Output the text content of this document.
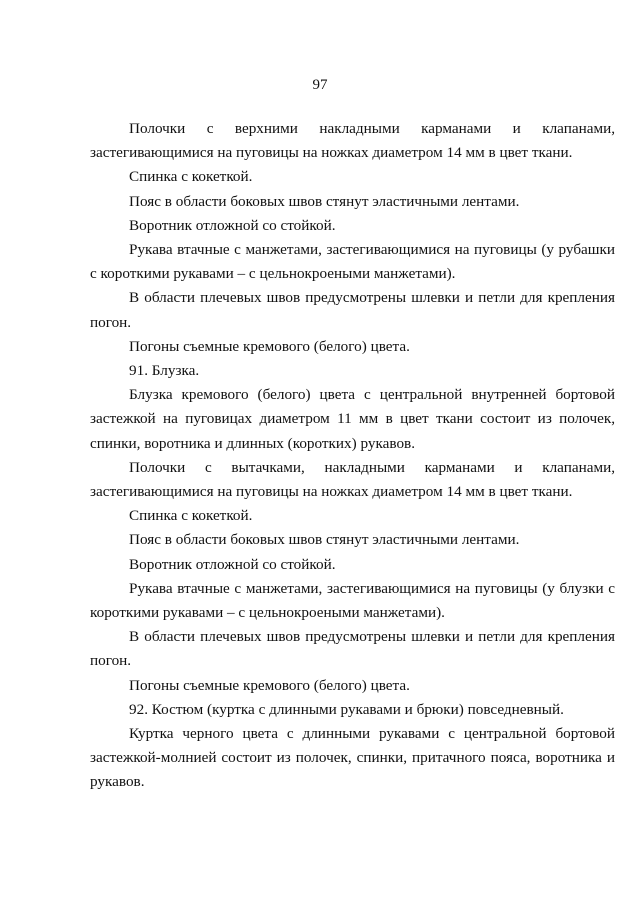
97

Полочки с верхними накладными карманами и клапанами, застегивающимися на пуговицы на ножках диаметром 14 мм в цвет ткани.

Спинка с кокеткой.

Пояс в области боковых швов стянут эластичными лентами.

Воротник отложной со стойкой.

Рукава втачные с манжетами, застегивающимися на пуговицы (у рубашки с короткими рукавами – с цельнокроеными манжетами).

В области плечевых швов предусмотрены шлевки и петли для крепления погон.

Погоны съемные кремового (белого) цвета.

91. Блузка.

Блузка кремового (белого) цвета с центральной внутренней бортовой застежкой на пуговицах диаметром 11 мм в цвет ткани состоит из полочек, спинки, воротника и длинных (коротких) рукавов.

Полочки с вытачками, накладными карманами и клапанами, застегивающимися на пуговицы на ножках диаметром 14 мм в цвет ткани.

Спинка с кокеткой.

Пояс в области боковых швов стянут эластичными лентами.

Воротник отложной со стойкой.

Рукава втачные с манжетами, застегивающимися на пуговицы (у блузки с короткими рукавами – с цельнокроеными манжетами).

В области плечевых швов предусмотрены шлевки и петли для крепления погон.

Погоны съемные кремового (белого) цвета.

92. Костюм (куртка с длинными рукавами и брюки) повседневный.

Куртка черного цвета с длинными рукавами с центральной бортовой застежкой-молнией состоит из полочек, спинки, притачного пояса, воротника и рукавов.
